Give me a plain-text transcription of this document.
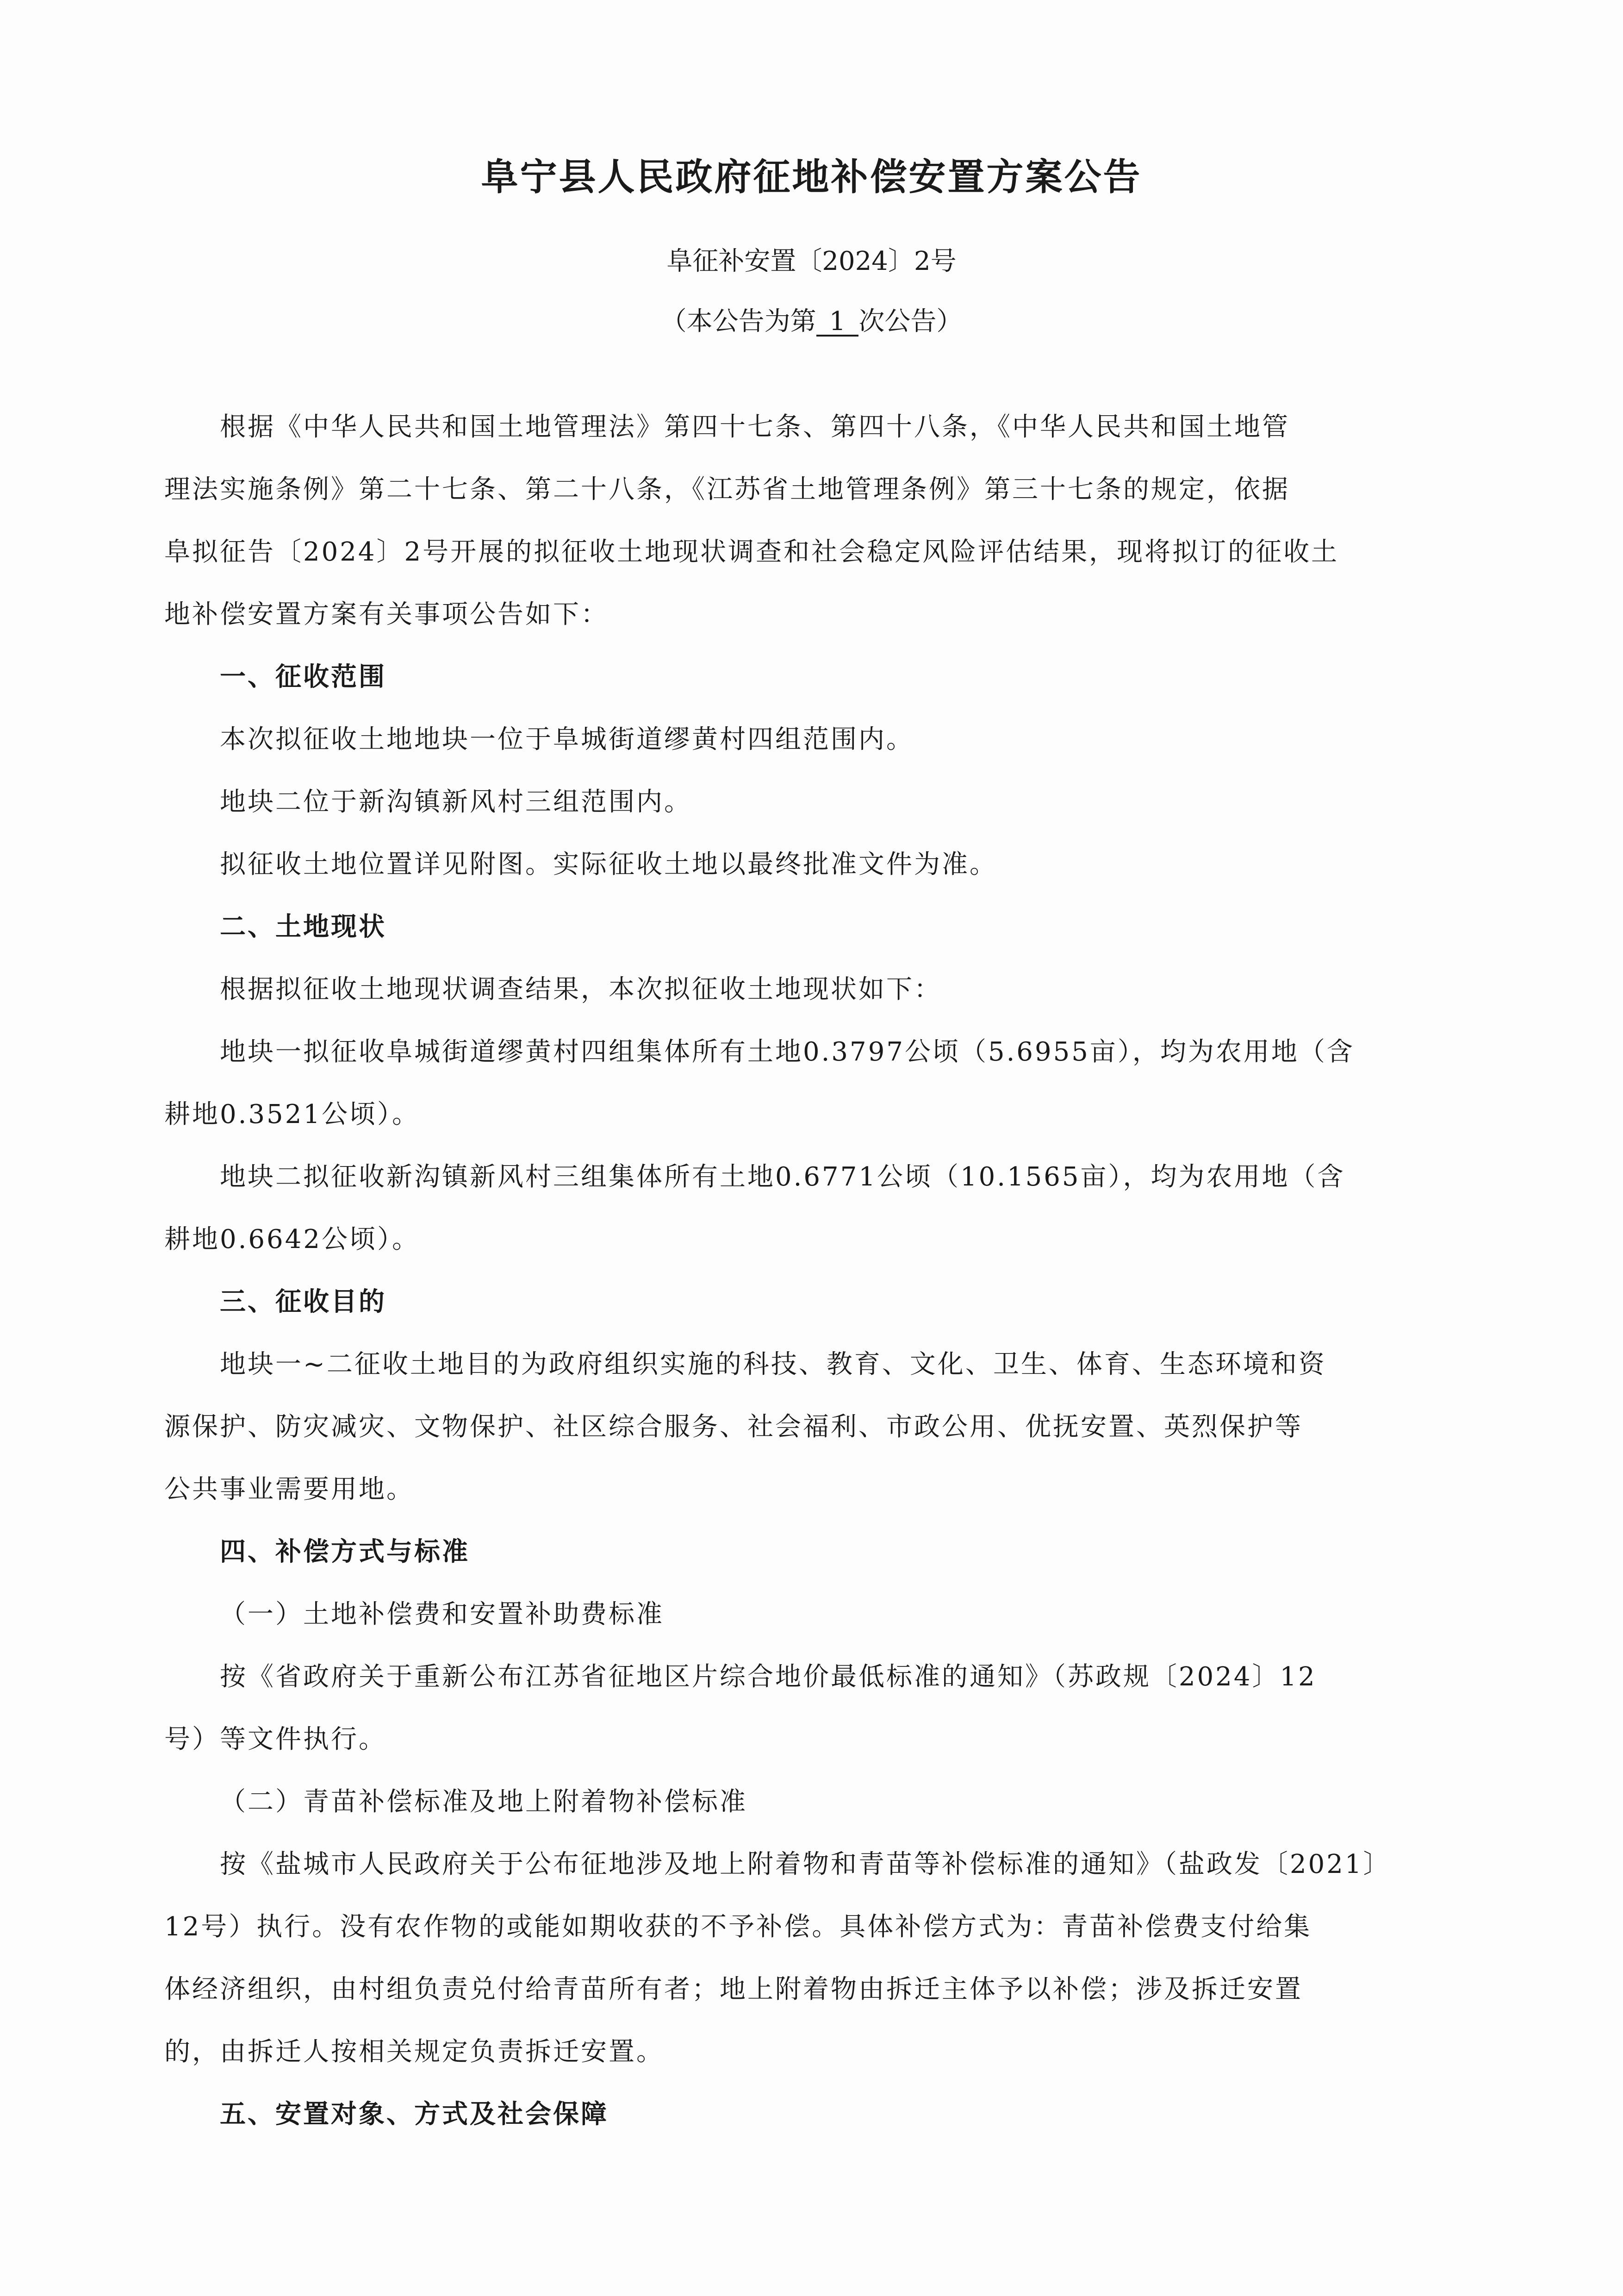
阜宁县人民政府征地补偿安置方案公告
阜征补安置〔2024〕2号
（本公告为第 1 次公告）
根据《中华人民共和国土地管理法》第四十七条、第四十八条，《中华人民共和国土地管
理法实施条例》第二十七条、第二十八条，《江苏省土地管理条例》第三十七条的规定，依据
阜拟征告〔2024〕2号开展的拟征收土地现状调查和社会稳定风险评估结果，现将拟订的征收土
地补偿安置方案有关事项公告如下：
一、征收范围
本次拟征收土地地块一位于阜城街道缪黄村四组范围内。
地块二位于新沟镇新风村三组范围内。
拟征收土地位置详见附图。实际征收土地以最终批准文件为准。
二、土地现状
根据拟征收土地现状调查结果，本次拟征收土地现状如下：
地块一拟征收阜城街道缪黄村四组集体所有土地0.3797公顷（5.6955亩），均为农用地（含
耕地0.3521公顷）。
地块二拟征收新沟镇新风村三组集体所有土地0.6771公顷（10.1565亩），均为农用地（含
耕地0.6642公顷）。
三、征收目的
地块一~二征收土地目的为政府组织实施的科技、教育、文化、卫生、体育、生态环境和资
源保护、防灾减灾、文物保护、社区综合服务、社会福利、市政公用、优抚安置、英烈保护等
公共事业需要用地。
四、补偿方式与标准
（一）土地补偿费和安置补助费标准
按《省政府关于重新公布江苏省征地区片综合地价最低标准的通知》（苏政规〔2024〕12
号）等文件执行。
（二）青苗补偿标准及地上附着物补偿标准
按《盐城市人民政府关于公布征地涉及地上附着物和青苗等补偿标准的通知》（盐政发〔2021〕
12号）执行。没有农作物的或能如期收获的不予补偿。具体补偿方式为：青苗补偿费支付给集
体经济组织，由村组负责兑付给青苗所有者；地上附着物由拆迁主体予以补偿；涉及拆迁安置
的，由拆迁人按相关规定负责拆迁安置。
五、安置对象、方式及社会保障
